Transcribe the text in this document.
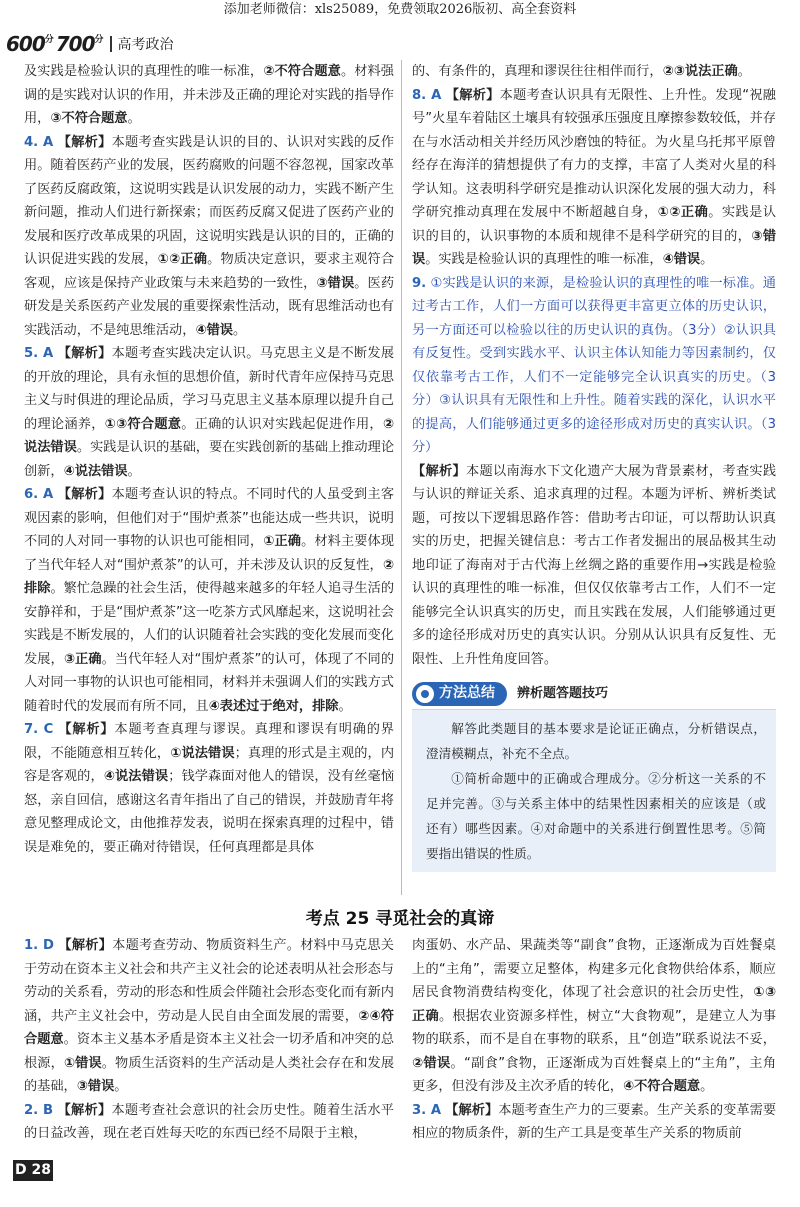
添加老师微信：xls25089，免费领取2026版初、高全套资料
$600^分$ $700^分$ 高考政治

及实践是检验认识的真理性的唯一标准，②不符合题意。材料强调的是实践对认识的作用，并未涉及正确的理论对实践的指导作用，③不符合题意。

4. A 【解析】本题考查实践是认识的目的、认识对实践的反作用。随着医药产业的发展，医药腐败的问题不容忽视，国家改革了医药反腐政策，这说明实践是认识发展的动力，实践不断产生新问题，推动人们进行新探索；而医药反腐又促进了医药产业的发展和医疗改革成果的巩固，这说明实践是认识的目的，正确的认识促进实践的发展，①②正确。物质决定意识，要求主观符合客观，应该是保持产业政策与未来趋势的一致性，③错误。医药研发是关系医药产业发展的重要探索性活动，既有思维活动也有实践活动，不是纯思维活动，④错误。

5. A 【解析】本题考查实践决定认识。马克思主义是不断发展的开放的理论，具有永恒的思想价值，新时代青年应保持马克思主义与时俱进的理论品质，学习马克思主义基本原理以提升自己的理论涵养，①③符合题意。正确的认识对实践起促进作用，②说法错误。实践是认识的基础，要在实践创新的基础上推动理论创新，④说法错误。

6. A 【解析】本题考查认识的特点。不同时代的人虽受到主客观因素的影响，但他们对于“围炉煮茶”也能达成一些共识，说明不同的人对同一事物的认识也可能相同，①正确。材料主要体现了当代年轻人对“围炉煮茶”的认可，并未涉及认识的反复性，②排除。繁忙急躁的社会生活，使得越来越多的年轻人追寻生活的安静祥和，于是“围炉煮茶”这一吃茶方式风靡起来，这说明社会实践是不断发展的，人们的认识随着社会实践的变化发展而变化发展，③正确。当代年轻人对“围炉煮茶”的认可，体现了不同的人对同一事物的认识也可能相同，材料并未强调人们的实践方式随着时代的发展而有所不同，且④表述过于绝对，排除。

7. C 【解析】本题考查真理与谬误。真理和谬误有明确的界限，不能随意相互转化，①说法错误；真理的形式是主观的，内容是客观的，④说法错误；钱学森面对他人的错误，没有丝毫恼怒，亲自回信，感谢这名青年指出了自己的错误，并鼓励青年将意见整理成论文，由他推荐发表，说明在探索真理的过程中，错误是难免的，要正确对待错误，任何真理都是具体

的、有条件的，真理和谬误往往相伴而行，②③说法正确。

8. A 【解析】本题考查认识具有无限性、上升性。发现“祝融号”火星车着陆区土壤具有较强承压强度且摩擦参数较低，并存在与水活动相关并经历风沙磨蚀的特征。为火星乌托邦平原曾经存在海洋的猜想提供了有力的支撑，丰富了人类对火星的科学认知。这表明科学研究是推动认识深化发展的强大动力，科学研究推动真理在发展中不断超越自身，①②正确。实践是认识的目的，认识事物的本质和规律不是科学研究的目的，③错误。实践是检验认识的真理性的唯一标准，④错误。

9. ①实践是认识的来源，是检验认识的真理性的唯一标准。通过考古工作，人们一方面可以获得更丰富更立体的历史认识，另一方面还可以检验以往的历史认识的真伪。（3分）②认识具有反复性。受到实践水平、认识主体认知能力等因素制约，仅仅依靠考古工作，人们不一定能够完全认识真实的历史。（3分）③认识具有无限性和上升性。随着实践的深化，认识水平的提高，人们能够通过更多的途径形成对历史的真实认识。（3分）

【解析】本题以南海水下文化遗产大展为背景素材，考查实践与认识的辩证关系、追求真理的过程。本题为评析、辨析类试题，可按以下逻辑思路作答：借助考古印证，可以帮助认识真实的历史，把握关键信息：考古工作者发掘出的展品极其生动地印证了海南对于古代海上丝绸之路的重要作用→实践是检验认识的真理性的唯一标准，但仅仅依靠考古工作，人们不一定能够完全认识真实的历史，而且实践在发展，人们能够通过更多的途径形成对历史的真实认识。分别从认识具有反复性、无限性、上升性角度回答。

方法总结 辨析题答题技巧

解答此类题目的基本要求是论证正确点，分析错误点，澄清模糊点，补充不全点。

①简析命题中的正确或合理成分。②分析这一关系的不足并完善。③与关系主体中的结果性因素相关的应该是（或还有）哪些因素。④对命题中的关系进行倒置性思考。⑤简要指出错误的性质。

考点 25 寻觅社会的真谛

1. D 【解析】本题考查劳动、物质资料生产。材料中马克思关于劳动在资本主义社会和共产主义社会的论述表明从社会形态与劳动的关系看，劳动的形态和性质会伴随社会形态变化而有新内涵，共产主义社会中，劳动是人民自由全面发展的需要，②④符合题意。资本主义基本矛盾是资本主义社会一切矛盾和冲突的总根源，①错误。物质生活资料的生产活动是人类社会存在和发展的基础，③错误。

2. B 【解析】本题考查社会意识的社会历史性。随着生活水平的日益改善，现在老百姓每天吃的东西已经不局限于主粮，

肉蛋奶、水产品、果蔬类等“副食”食物，正逐渐成为百姓餐桌上的“主角”，需要立足整体，构建多元化食物供给体系，顺应居民食物消费结构变化，体现了社会意识的社会历史性，①③正确。根据农业资源多样性，树立“大食物观”，是建立人为事物的联系，而不是自在事物的联系，且“创造”联系说法不妥，②错误。“副食”食物，正逐渐成为百姓餐桌上的“主角”，主角更多，但没有涉及主次矛盾的转化，④不符合题意。

3. A 【解析】本题考查生产力的三要素。生产关系的变革需要相应的物质条件，新的生产工具是变革生产关系的物质前

D 28
